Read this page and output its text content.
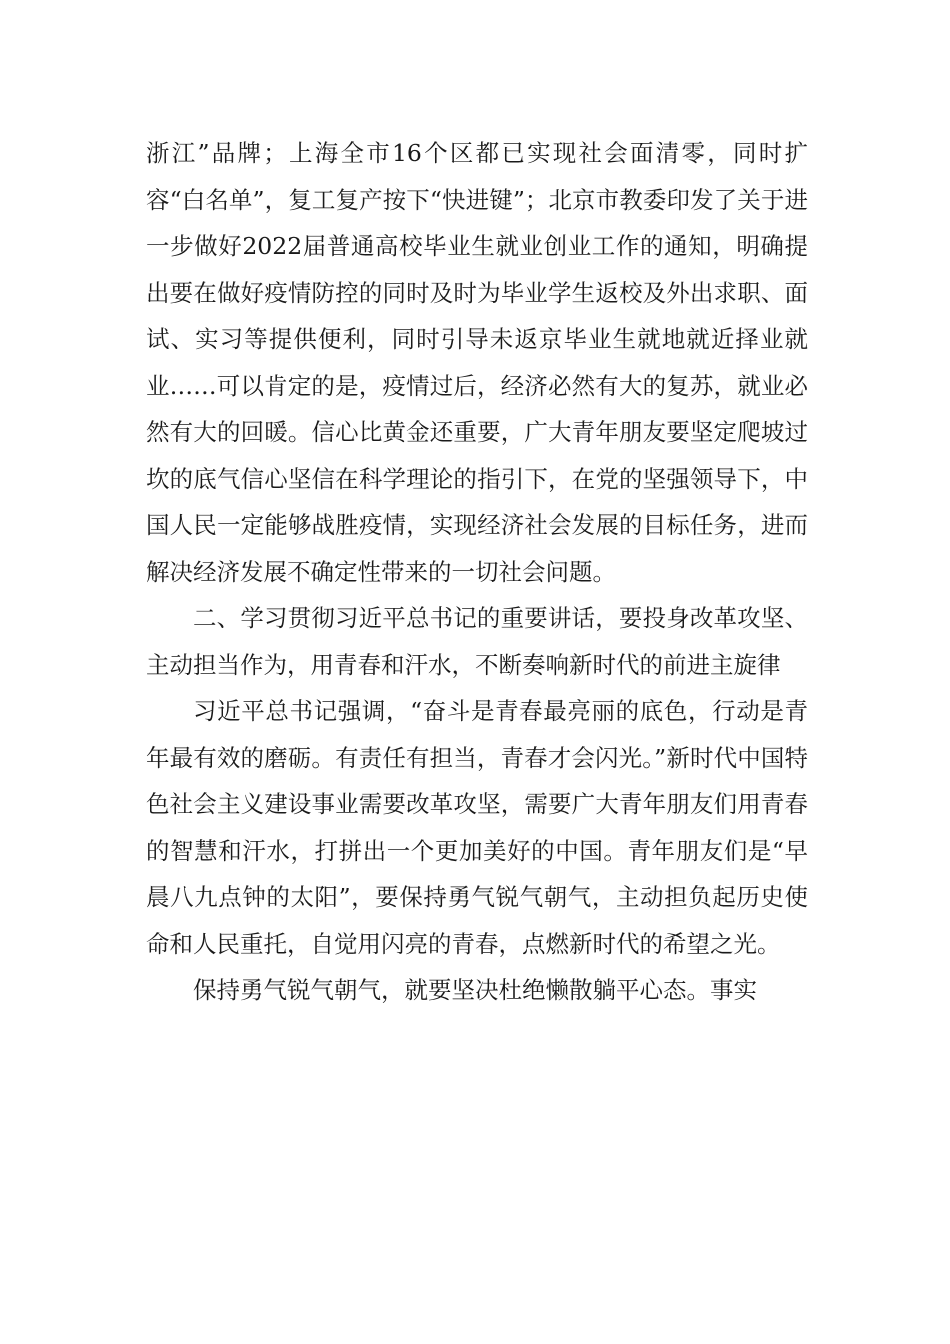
浙江”品牌；上海全市16个区都已实现社会面清零，同时扩容“白名单”，复工复产按下“快进键”；北京市教委印发了关于进一步做好2022届普通高校毕业生就业创业工作的通知，明确提出要在做好疫情防控的同时及时为毕业学生返校及外出求职、面试、实习等提供便利，同时引导未返京毕业生就地就近择业就业……可以肯定的是，疫情过后，经济必然有大的复苏，就业必然有大的回暖。信心比黄金还重要，广大青年朋友要坚定爬坡过坎的底气信心坚信在科学理论的指引下，在党的坚强领导下，中国人民一定能够战胜疫情，实现经济社会发展的目标任务，进而解决经济发展不确定性带来的一切社会问题。

二、学习贯彻习近平总书记的重要讲话，要投身改革攻坚、主动担当作为，用青春和汗水，不断奏响新时代的前进主旋律

习近平总书记强调，“奋斗是青春最亮丽的底色，行动是青年最有效的磨砺。有责任有担当，青春才会闪光。”新时代中国特色社会主义建设事业需要改革攻坚，需要广大青年朋友们用青春的智慧和汗水，打拼出一个更加美好的中国。青年朋友们是“早晨八九点钟的太阳”，要保持勇气锐气朝气，主动担负起历史使命和人民重托，自觉用闪亮的青春，点燃新时代的希望之光。

保持勇气锐气朝气，就要坚决杜绝懒散躺平心态。事实
